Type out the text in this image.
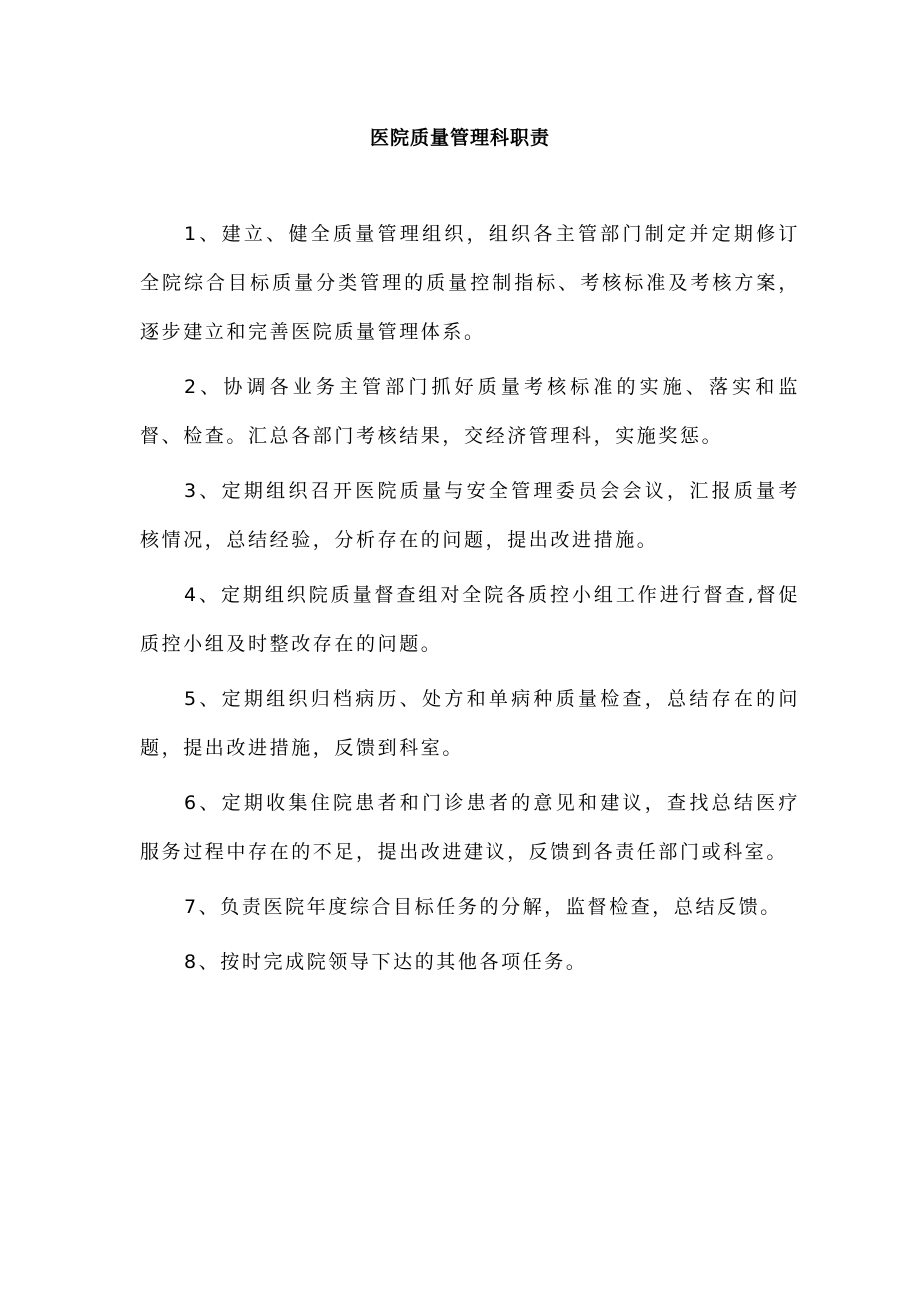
医院质量管理科职责

1、建立、健全质量管理组织，组织各主管部门制定并定期修订全院综合目标质量分类管理的质量控制指标、考核标准及考核方案，逐步建立和完善医院质量管理体系。

2、协调各业务主管部门抓好质量考核标准的实施、落实和监督、检查。汇总各部门考核结果，交经济管理科，实施奖惩。

3、定期组织召开医院质量与安全管理委员会会议，汇报质量考核情况，总结经验，分析存在的问题，提出改进措施。

4、定期组织院质量督查组对全院各质控小组工作进行督查,督促质控小组及时整改存在的问题。

5、定期组织归档病历、处方和单病种质量检查，总结存在的问题，提出改进措施，反馈到科室。

6、定期收集住院患者和门诊患者的意见和建议，查找总结医疗服务过程中存在的不足，提出改进建议，反馈到各责任部门或科室。

7、负责医院年度综合目标任务的分解，监督检查，总结反馈。

8、按时完成院领导下达的其他各项任务。
